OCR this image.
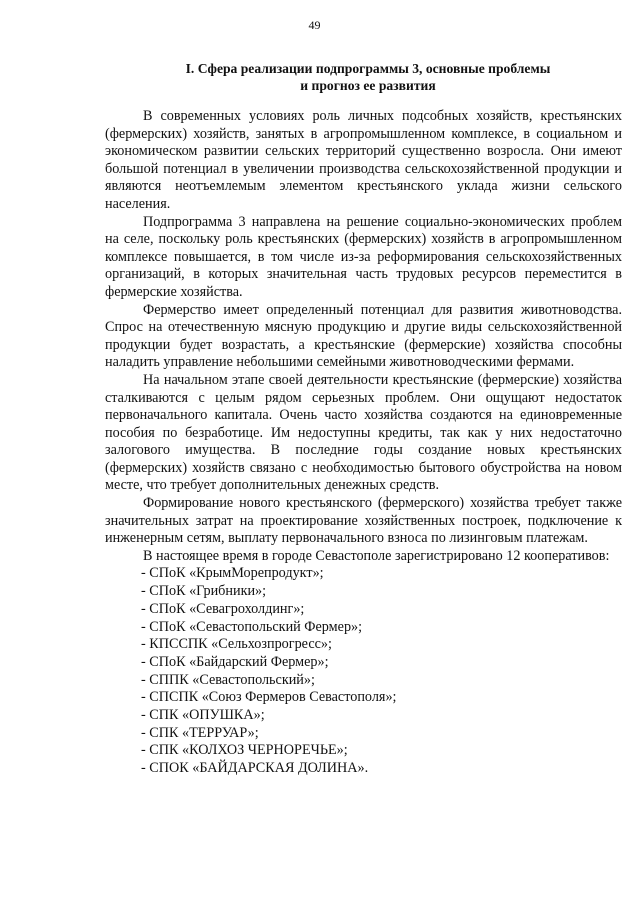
49
I. Сфера реализации подпрограммы 3, основные проблемы
и прогноз ее развития

В современных условиях роль личных подсобных хозяйств, крестьянских (фермерских) хозяйств, занятых в агропромышленном комплексе, в социальном и экономическом развитии сельских территорий существенно возросла. Они имеют большой потенциал в увеличении производства сельскохозяйственной продукции и являются неотъемлемым элементом крестьянского уклада жизни сельского населения.

Подпрограмма 3 направлена на решение социально-экономических проблем на селе, поскольку роль крестьянских (фермерских) хозяйств в агропромышленном комплексе повышается, в том числе из-за реформирования сельскохозяйственных организаций, в которых значительная часть трудовых ресурсов переместится в фермерские хозяйства.

Фермерство имеет определенный потенциал для развития животноводства. Спрос на отечественную мясную продукцию и другие виды сельскохозяйственной продукции будет возрастать, а крестьянские (фермерские) хозяйства способны наладить управление небольшими семейными животноводческими фермами.

На начальном этапе своей деятельности крестьянские (фермерские) хозяйства сталкиваются с целым рядом серьезных проблем. Они ощущают недостаток первоначального капитала. Очень часто хозяйства создаются на единовременные пособия по безработице. Им недоступны кредиты, так как у них недостаточно залогового имущества. В последние годы создание новых крестьянских (фермерских) хозяйств связано с необходимостью бытового обустройства на новом месте, что требует дополнительных денежных средств.

Формирование нового крестьянского (фермерского) хозяйства требует также значительных затрат на проектирование хозяйственных построек, подключение к инженерным сетям, выплату первоначального взноса по лизинговым платежам.

В настоящее время в городе Севастополе зарегистрировано 12 кооперативов:

- СПоК «КрымМорепродукт»;
- СПоК «Грибники»;
- СПоК «Севагрохолдинг»;
- СПоК «Севастопольский Фермер»;
- КПССПК «Сельхозпрогресс»;
- СПоК «Байдарский Фермер»;
- СППК «Севастопольский»;
- СПСПК «Союз Фермеров Севастополя»;
- СПК «ОПУШКА»;
- СПК «ТЕРРУАР»;
- СПК «КОЛХОЗ ЧЕРНОРЕЧЬЕ»;
- СПОК «БАЙДАРСКАЯ ДОЛИНА».
